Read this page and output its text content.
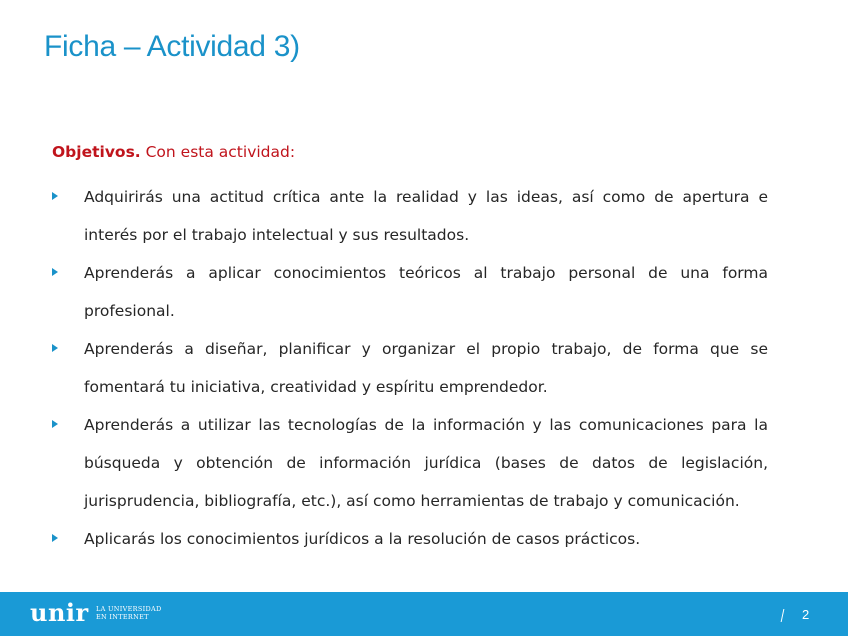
Ficha – Actividad 3)
Objetivos. Con esta actividad:
Adquirirás una actitud crítica ante la realidad y las ideas, así como de apertura e interés por el trabajo intelectual y sus resultados.
Aprenderás a aplicar conocimientos teóricos al trabajo personal de una forma profesional.
Aprenderás a diseñar, planificar y organizar el propio trabajo, de forma que se fomentará tu iniciativa, creatividad y espíritu emprendedor.
Aprenderás a utilizar las tecnologías de la información y las comunicaciones para la búsqueda y obtención de información jurídica (bases de datos de legislación, jurisprudencia, bibliografía, etc.), así como herramientas de trabajo y comunicación.
Aplicarás los conocimientos jurídicos a la resolución de casos prácticos.
unir LA UNIVERSIDAD
EN INTERNET	2
